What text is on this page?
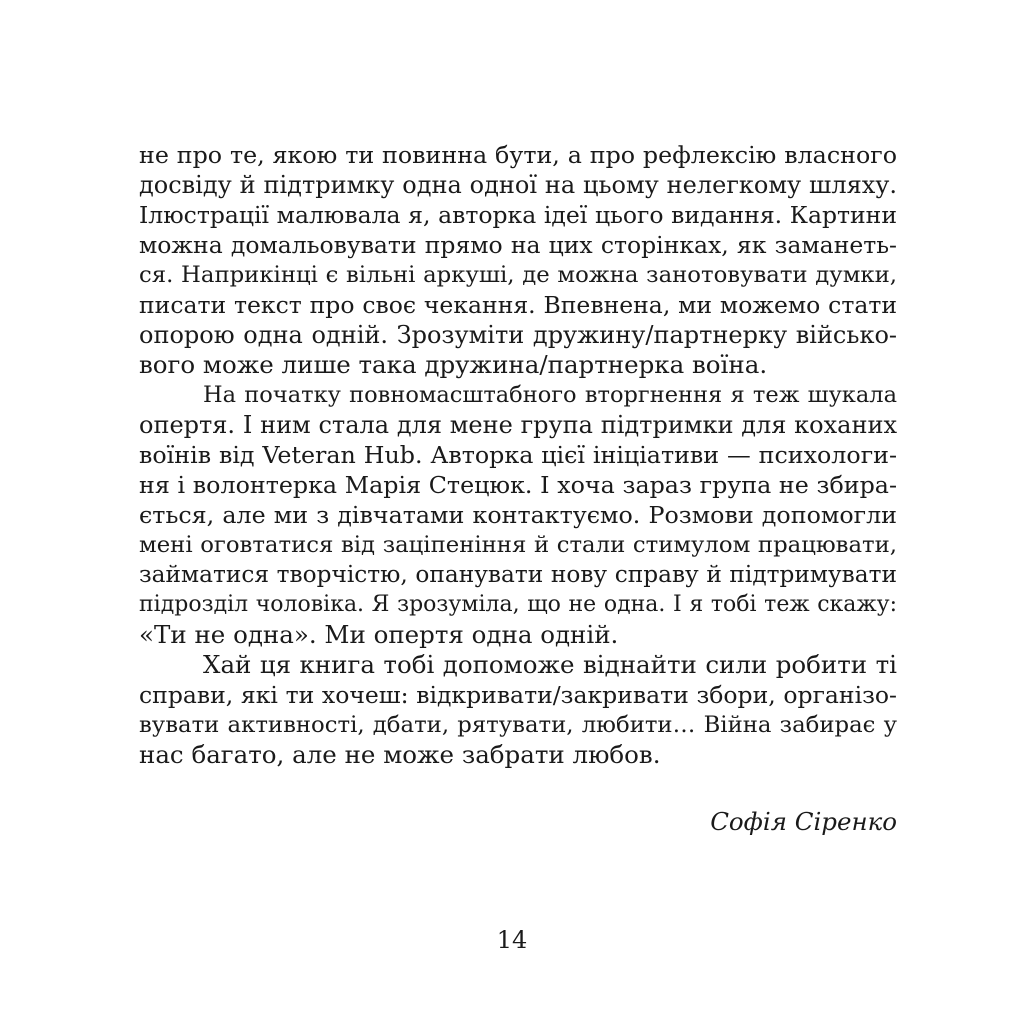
не про те, якою ти повинна бути, а про рефлексію власного
досвіду й підтримку одна одної на цьому нелегкому шляху.
Ілюстрації малювала я, авторка ідеї цього видання. Картини
можна домальовувати прямо на цих сторінках, як заманеть-
ся. Наприкінці є вільні аркуші, де можна занотовувати думки,
писати текст про своє чекання. Впевнена, ми можемо стати
опорою одна одній. Зрозуміти дружину/партнерку військо-
вого може лише така дружина/партнерка воїна.
На початку повномасштабного вторгнення я теж шукала
опертя. І ним стала для мене група підтримки для коханих
воїнів від Veteran Hub. Авторка цієї ініціативи — психологи-
ня і волонтерка Марія Стецюк. І хоча зараз група не збира-
ється, але ми з дівчатами контактуємо. Розмови допомогли
мені оговтатися від заціпеніння й стали стимулом працювати,
займатися творчістю, опанувати нову справу й підтримувати
підрозділ чоловіка. Я зрозуміла, що не одна. І я тобі теж скажу:
«Ти не одна». Ми опертя одна одній.
Хай ця книга тобі допоможе віднайти сили робити ті
справи, які ти хочеш: відкривати/закривати збори, організо-
вувати активності, дбати, рятувати, любити… Війна забирає у
нас багато, але не може забрати любов.
Софія Сіренко
14
